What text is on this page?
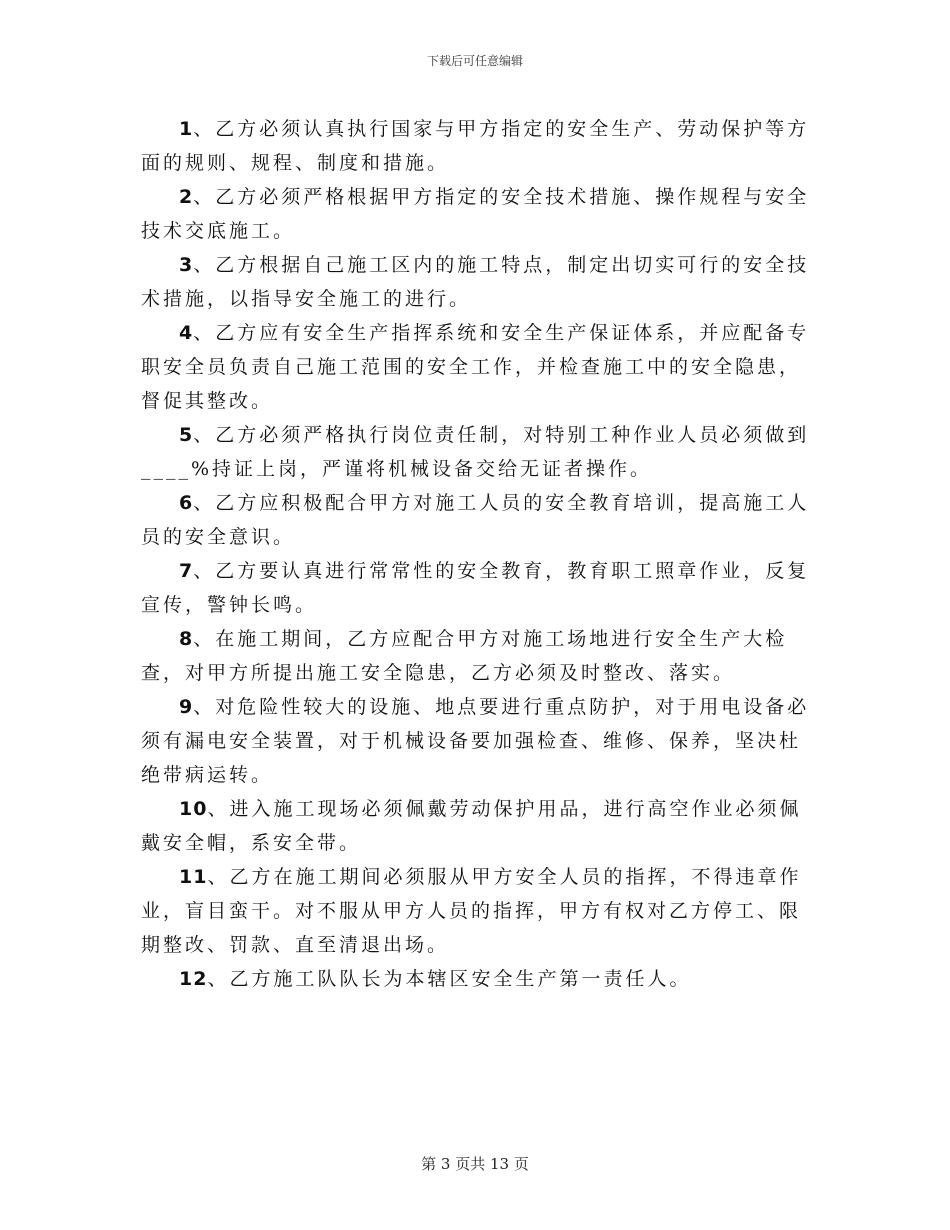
下载后可任意编辑

1、乙方必须认真执行国家与甲方指定的安全生产、劳动保护等方面的规则、规程、制度和措施。

2、乙方必须严格根据甲方指定的安全技术措施、操作规程与安全技术交底施工。

3、乙方根据自己施工区内的施工特点，制定出切实可行的安全技术措施，以指导安全施工的进行。

4、乙方应有安全生产指挥系统和安全生产保证体系，并应配备专职安全员负责自己施工范围的安全工作，并检查施工中的安全隐患，督促其整改。

5、乙方必须严格执行岗位责任制，对特别工种作业人员必须做到____%持证上岗，严谨将机械设备交给无证者操作。

6、乙方应积极配合甲方对施工人员的安全教育培训，提高施工人员的安全意识。

7、乙方要认真进行常常性的安全教育，教育职工照章作业，反复宣传，警钟长鸣。

8、在施工期间，乙方应配合甲方对施工场地进行安全生产大检查，对甲方所提出施工安全隐患，乙方必须及时整改、落实。

9、对危险性较大的设施、地点要进行重点防护，对于用电设备必须有漏电安全装置，对于机械设备要加强检查、维修、保养，坚决杜绝带病运转。

10、进入施工现场必须佩戴劳动保护用品，进行高空作业必须佩戴安全帽，系安全带。

11、乙方在施工期间必须服从甲方安全人员的指挥，不得违章作业，盲目蛮干。对不服从甲方人员的指挥，甲方有权对乙方停工、限期整改、罚款、直至清退出场。

12、乙方施工队队长为本辖区安全生产第一责任人。

第 3 页共 13 页
